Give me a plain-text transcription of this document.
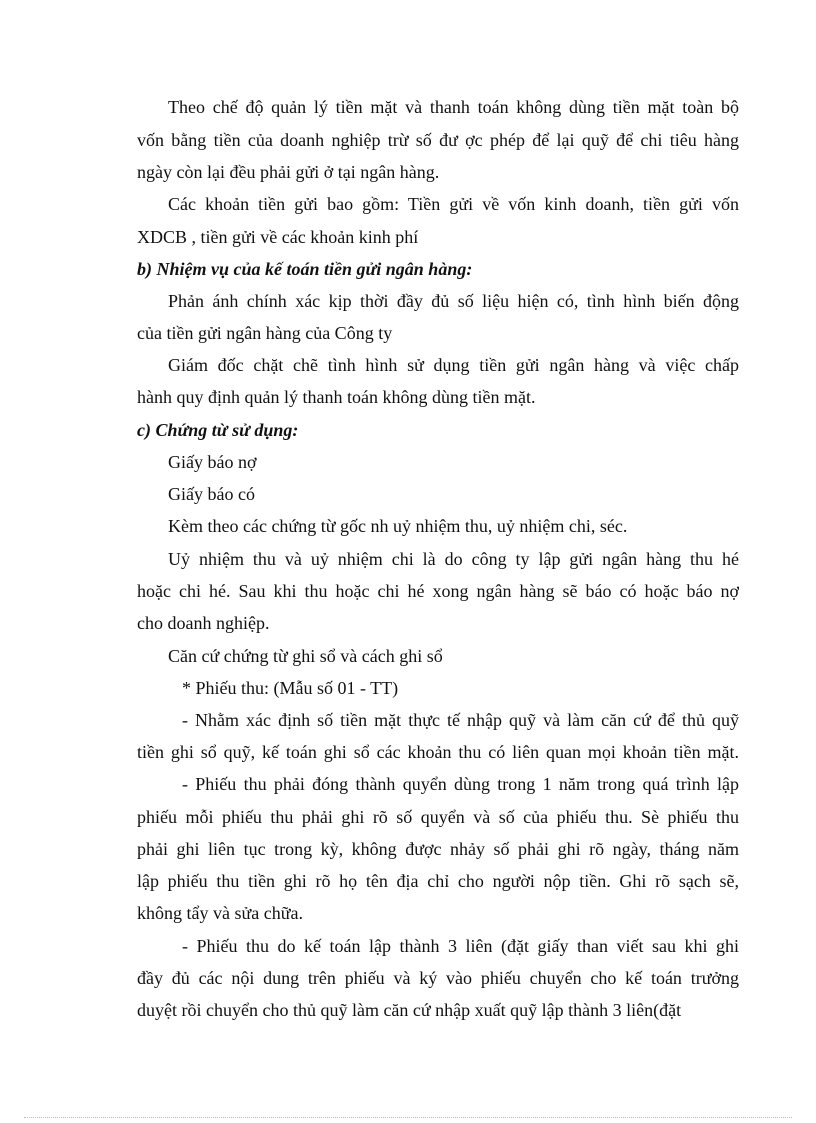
Theo chế độ quản lý tiền mặt và thanh toán không dùng tiền mặt toàn bộ
vốn bằng tiền của doanh nghiệp trừ số đư ợc phép để lại quỹ để chi tiêu hàng
ngày còn lại đều phải gửi ở tại ngân hàng.
Các khoản tiền gửi bao gồm: Tiền gửi về vốn kinh doanh, tiền gửi vốn
XDCB , tiền gửi về các khoản kinh phí
b) Nhiệm vụ của kế toán tiền gửi ngân hàng:
Phản ánh chính xác kịp thời đầy đủ số liệu hiện có, tình hình biến động
của tiền gửi ngân hàng của Công ty
Giám đốc chặt chẽ tình hình sử dụng tiền gửi ngân hàng và việc chấp
hành quy định quản lý thanh toán không dùng tiền mặt.
c) Chứng từ sử dụng:
Giấy báo nợ
Giấy báo có
Kèm theo các chứng từ gốc nh uỷ nhiệm thu, uỷ nhiệm chi, séc.
Uỷ nhiệm thu và uỷ nhiệm chi là do công ty lập gửi ngân hàng thu hé
hoặc chi hé. Sau khi thu hoặc chi hé xong ngân hàng sẽ báo có hoặc báo nợ
cho doanh nghiệp.
Căn cứ chứng từ ghi sổ và cách ghi sổ
* Phiếu thu: (Mẫu số 01 - TT)
- Nhằm xác định số tiền mặt thực tế nhập quỹ và làm căn cứ để thủ quỹ
tiền ghi sổ quỹ, kế toán ghi sổ các khoản thu có liên quan mọi khoản tiền mặt.
- Phiếu thu phải đóng thành quyển dùng trong 1 năm trong quá trình lập
phiếu mỗi phiếu thu phải ghi rõ số quyển và số của phiếu thu. Sè phiếu thu
phải ghi liên tục trong kỳ, không được nhảy số phải ghi rõ ngày, tháng năm
lập phiếu thu tiền ghi rõ họ tên địa chỉ cho người nộp tiền. Ghi rõ sạch sẽ,
không tẩy và sửa chữa.
- Phiếu thu do kế toán lập thành 3 liên (đặt giấy than viết sau khi ghi
đầy đủ các nội dung trên phiếu và ký vào phiếu chuyển cho kế toán trưởng
duyệt rồi chuyển cho thủ quỹ làm căn cứ nhập xuất quỹ lập thành 3 liên(đặt
